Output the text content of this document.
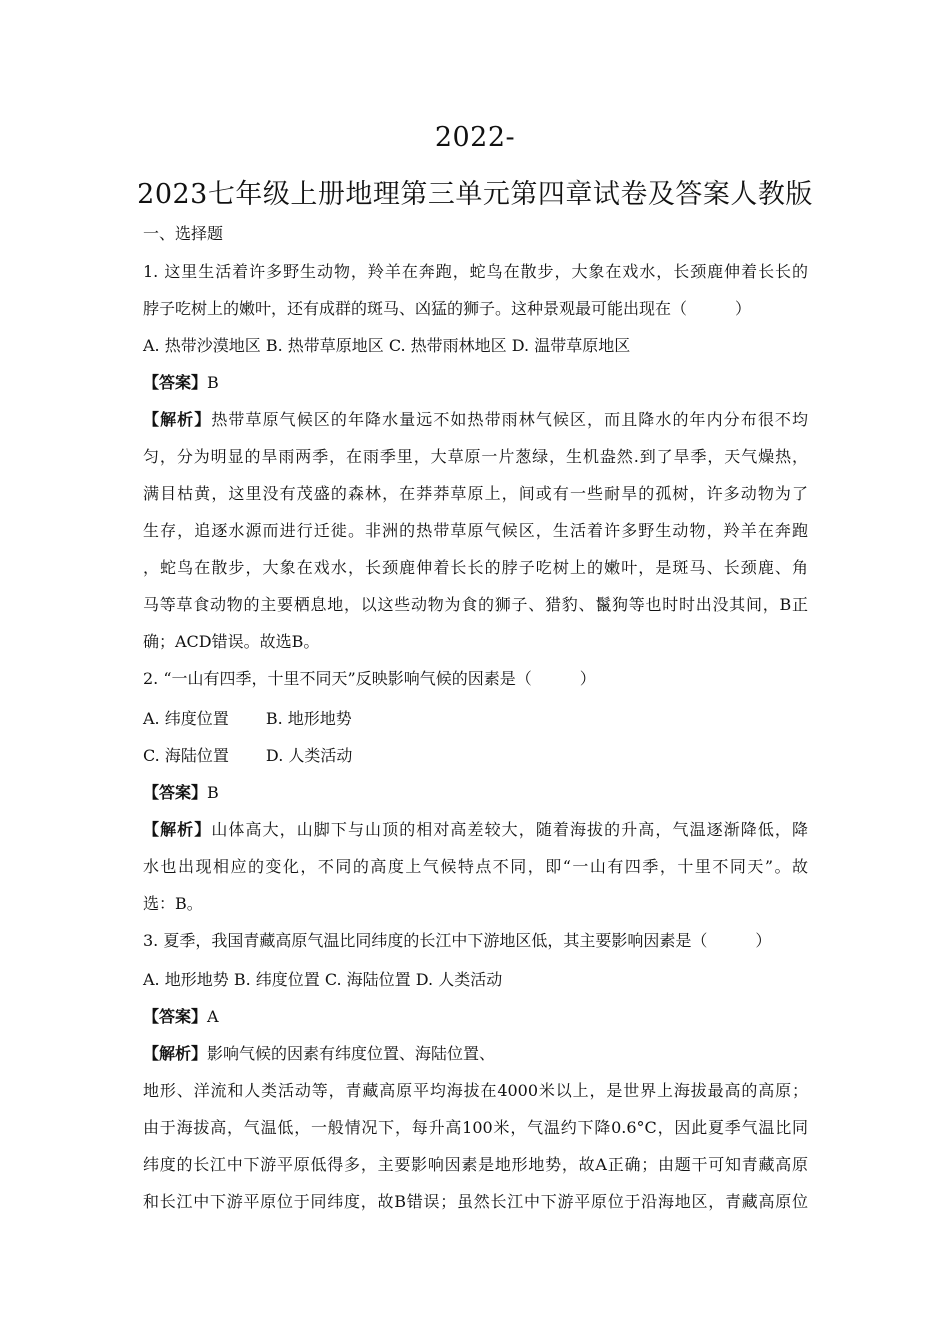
2022-
2023七年级上册地理第三单元第四章试卷及答案人教版
一、选择题
1. 这里生活着许多野生动物，羚羊在奔跑，蛇鸟在散步，大象在戏水，长颈鹿伸着长长的
脖子吃树上的嫩叶，还有成群的斑马、凶猛的狮子。这种景观最可能出现在（　　　）
A. 热带沙漠地区 B. 热带草原地区 C. 热带雨林地区 D. 温带草原地区
【答案】B
【解析】热带草原气候区的年降水量远不如热带雨林气候区，而且降水的年内分布很不均
匀，分为明显的旱雨两季，在雨季里，大草原一片葱绿，生机盎然.到了旱季，天气燥热，
满目枯黄，这里没有茂盛的森林，在莽莽草原上，间或有一些耐旱的孤树，许多动物为了
生存，追逐水源而进行迁徙。非洲的热带草原气候区，生活着许多野生动物，羚羊在奔跑
，蛇鸟在散步，大象在戏水，长颈鹿伸着长长的脖子吃树上的嫩叶，是斑马、长颈鹿、角
马等草食动物的主要栖息地，以这些动物为食的狮子、猎豹、鬣狗等也时时出没其间，B正
确；ACD错误。故选B。
2. “一山有四季，十里不同天”反映影响气候的因素是（　　　）
A. 纬度位置　　 B. 地形地势
C. 海陆位置　　 D. 人类活动
【答案】B
【解析】山体高大，山脚下与山顶的相对高差较大，随着海拔的升高，气温逐渐降低，降
水也出现相应的变化，不同的高度上气候特点不同，即“一山有四季，十里不同天”。故
选：B。
3. 夏季，我国青藏高原气温比同纬度的长江中下游地区低，其主要影响因素是（　　　）
A. 地形地势 B. 纬度位置 C. 海陆位置 D. 人类活动
【答案】A
【解析】影响气候的因素有纬度位置、海陆位置、
地形、洋流和人类活动等，青藏高原平均海拔在4000米以上，是世界上海拔最高的高原；
由于海拔高，气温低，一般情况下，每升高100米，气温约下降0.6°C，因此夏季气温比同
纬度的长江中下游平原低得多，主要影响因素是地形地势，故A正确；由题干可知青藏高原
和长江中下游平原位于同纬度，故B错误；虽然长江中下游平原位于沿海地区，青藏高原位
